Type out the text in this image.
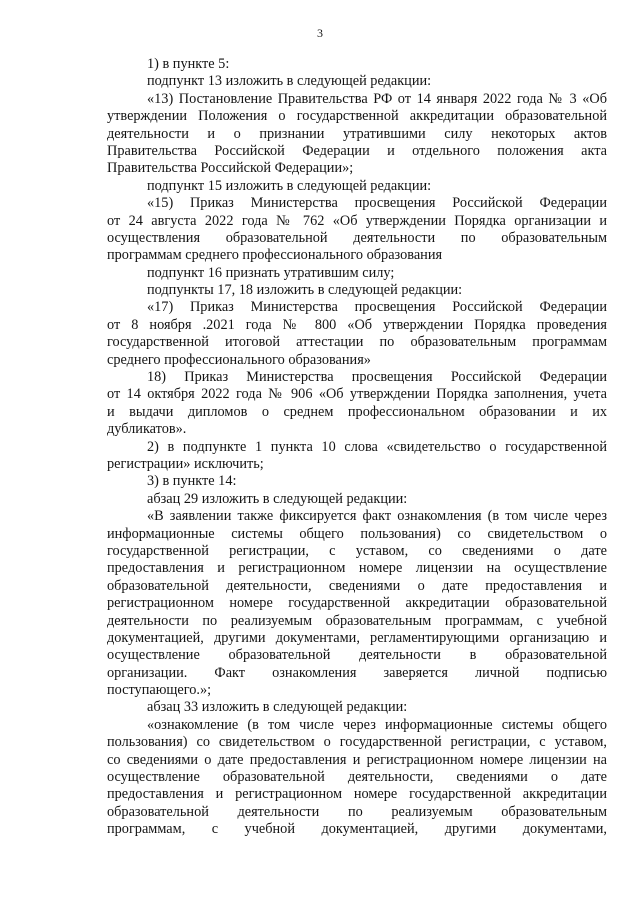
3
1) в пункте 5:
подпункт 13 изложить в следующей редакции:
«13) Постановление Правительства РФ от 14 января 2022 года № 3 «Об
утверждении Положения о государственной аккредитации образовательной
деятельности и о признании утратившими силу некоторых актов
Правительства Российской Федерации и отдельного положения акта
Правительства Российской Федерации»;
подпункт 15 изложить в следующей редакции:
«15) Приказ Министерства просвещения Российской Федерации
от 24 августа 2022 года № 762 «Об утверждении Порядка организации и
осуществления образовательной деятельности по образовательным
программам среднего профессионального образования
подпункт 16 признать утратившим силу;
подпункты 17, 18 изложить в следующей редакции:
«17) Приказ Министерства просвещения Российской Федерации
от 8 ноября .2021 года № 800 «Об утверждении Порядка проведения
государственной итоговой аттестации по образовательным программам
среднего профессионального образования»
18) Приказ Министерства просвещения Российской Федерации
от 14 октября 2022 года № 906 «Об утверждении Порядка заполнения, учета
и выдачи дипломов о среднем профессиональном образовании и их
дубликатов».
2) в подпункте 1 пункта 10 слова «свидетельство о государственной
регистрации» исключить;
3) в пункте 14:
абзац 29 изложить в следующей редакции:
«В заявлении также фиксируется факт ознакомления (в том числе через
информационные системы общего пользования) со свидетельством о
государственной регистрации, с уставом, со сведениями о дате
предоставления и регистрационном номере лицензии на осуществление
образовательной деятельности, сведениями о дате предоставления и
регистрационном номере государственной аккредитации образовательной
деятельности по реализуемым образовательным программам, с учебной
документацией, другими документами, регламентирующими организацию и
осуществление образовательной деятельности в образовательной
организации. Факт ознакомления заверяется личной подписью
поступающего.»;
абзац 33 изложить в следующей редакции:
«ознакомление (в том числе через информационные системы общего
пользования) со свидетельством о государственной регистрации, с уставом,
со сведениями о дате предоставления и регистрационном номере лицензии на
осуществление образовательной деятельности, сведениями о дате
предоставления и регистрационном номере государственной аккредитации
образовательной деятельности по реализуемым образовательным
программам, с учебной документацией, другими документами,
